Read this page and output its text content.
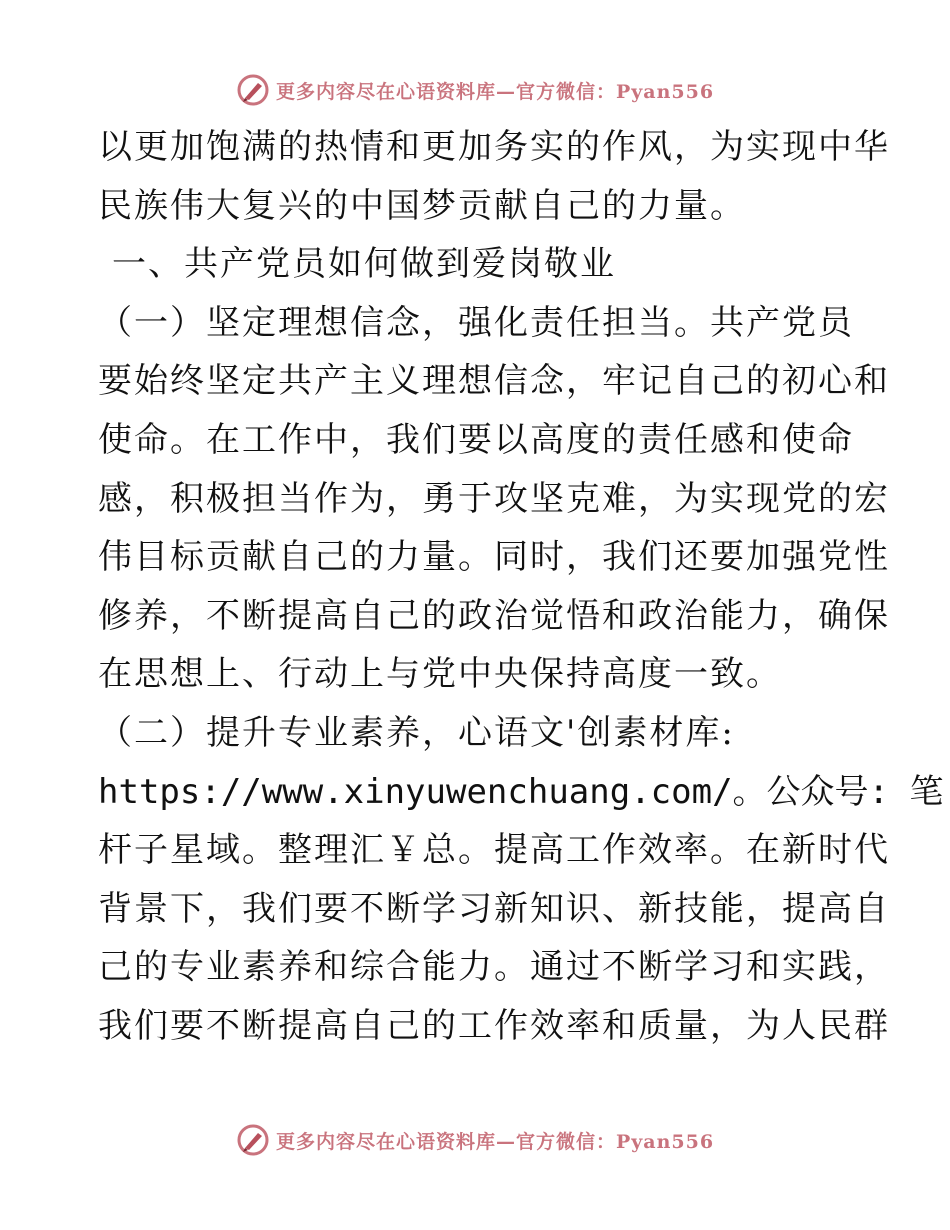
更多内容尽在心语资料库—官方微信：Pyan556
以更加饱满的热情和更加务实的作风，为实现中华
民族伟大复兴的中国梦贡献自己的力量。
一、共产党员如何做到爱岗敬业
（一）坚定理想信念，强化责任担当。共产党员
要始终坚定共产主义理想信念，牢记自己的初心和
使命。在工作中，我们要以高度的责任感和使命
感，积极担当作为，勇于攻坚克难，为实现党的宏
伟目标贡献自己的力量。同时，我们还要加强党性
修养，不断提高自己的政治觉悟和政治能力，确保
在思想上、行动上与党中央保持高度一致。
（二）提升专业素养，心语文'创素材库:
https://www.xinyuwenchuang.com/。公众号: 笔
杆子星域。整理汇￥总。提高工作效率。在新时代
背景下，我们要不断学习新知识、新技能，提高自
己的专业素养和综合能力。通过不断学习和实践，
我们要不断提高自己的工作效率和质量，为人民群
更多内容尽在心语资料库—官方微信：Pyan556
